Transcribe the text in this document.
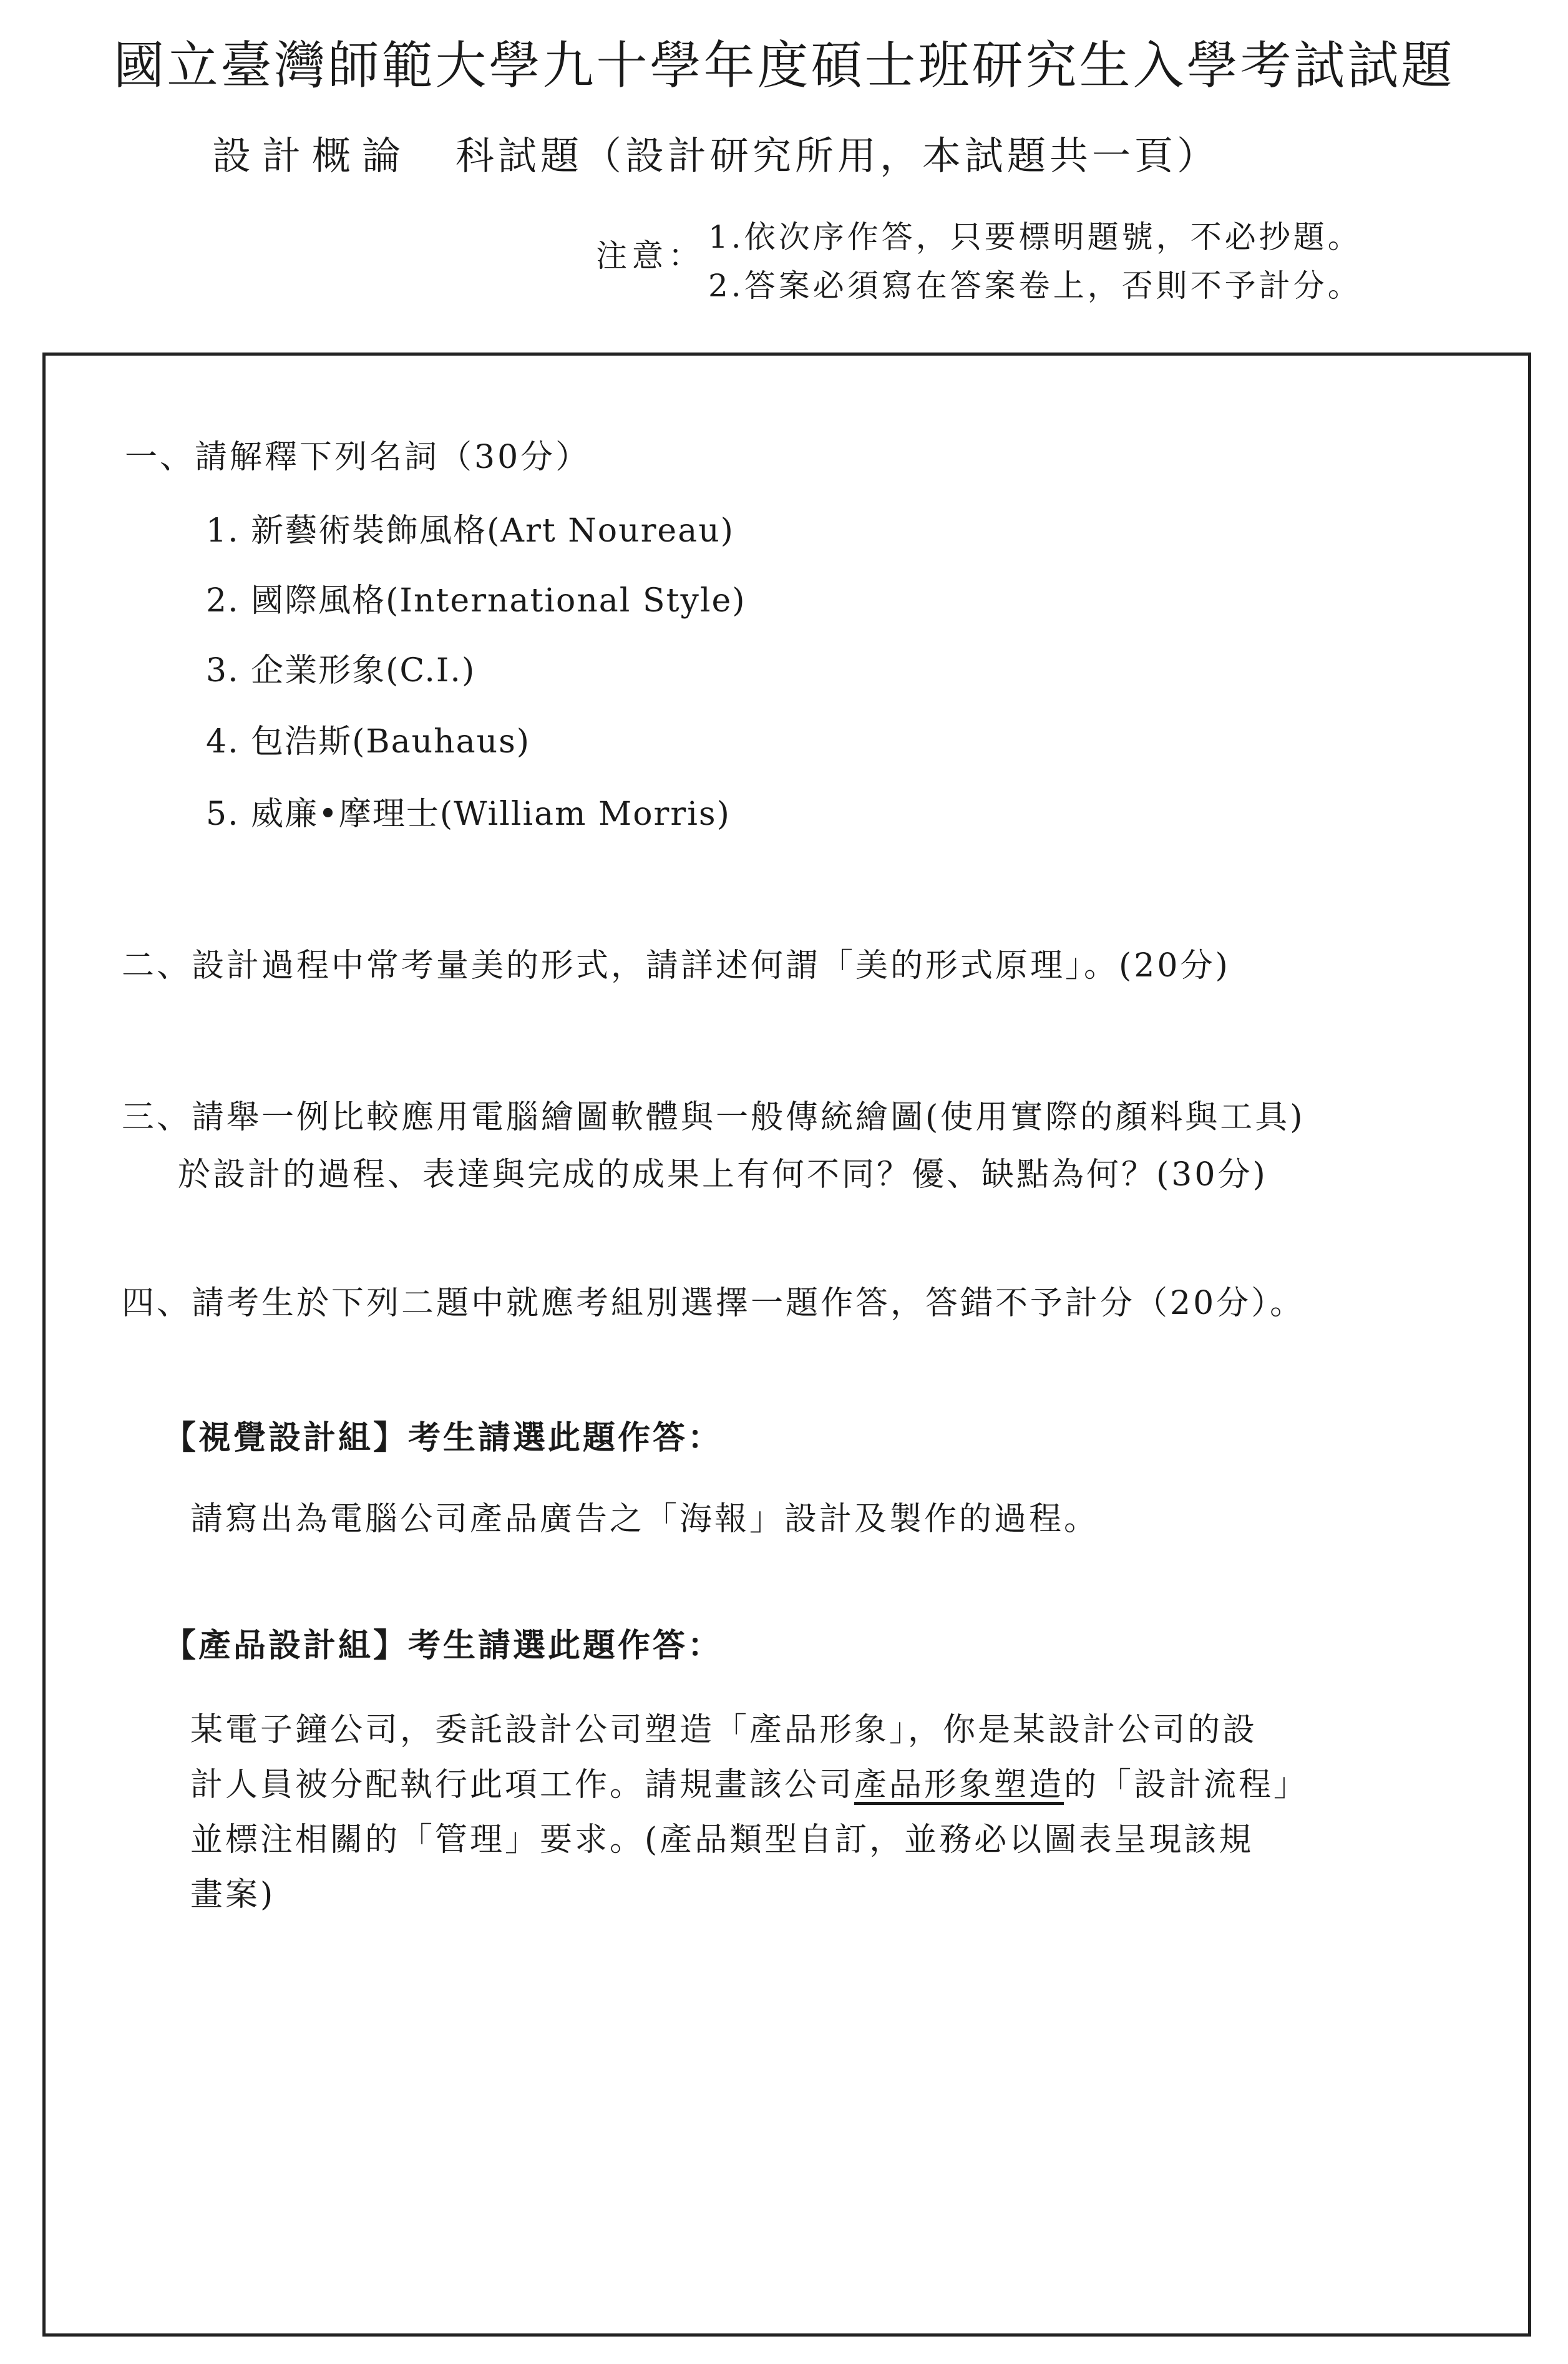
國立臺灣師範大學九十學年度碩士班研究生入學考試試題
設計概論 科試題（設計研究所用，本試題共一頁）
注意：
1.依次序作答，只要標明題號，不必抄題。
2.答案必須寫在答案卷上，否則不予計分。
一、請解釋下列名詞（30分）
1. 新藝術裝飾風格(Art Noureau)
2. 國際風格(International Style)
3. 企業形象(C.I.)
4. 包浩斯(Bauhaus)
5. 威廉•摩理士(William Morris)
二、設計過程中常考量美的形式，請詳述何謂「美的形式原理」。(20分)
三、請舉一例比較應用電腦繪圖軟體與一般傳統繪圖(使用實際的顏料與工具)
於設計的過程、表達與完成的成果上有何不同？優、缺點為何？(30分)
四、請考生於下列二題中就應考組別選擇一題作答，答錯不予計分（20分）。
【視覺設計組】考生請選此題作答：
請寫出為電腦公司產品廣告之「海報」設計及製作的過程。
【產品設計組】考生請選此題作答：
某電子鐘公司，委託設計公司塑造「產品形象」，你是某設計公司的設
計人員被分配執行此項工作。請規畫該公司產品形象塑造的「設計流程」
並標注相關的「管理」要求。(產品類型自訂，並務必以圖表呈現該規
畫案)
